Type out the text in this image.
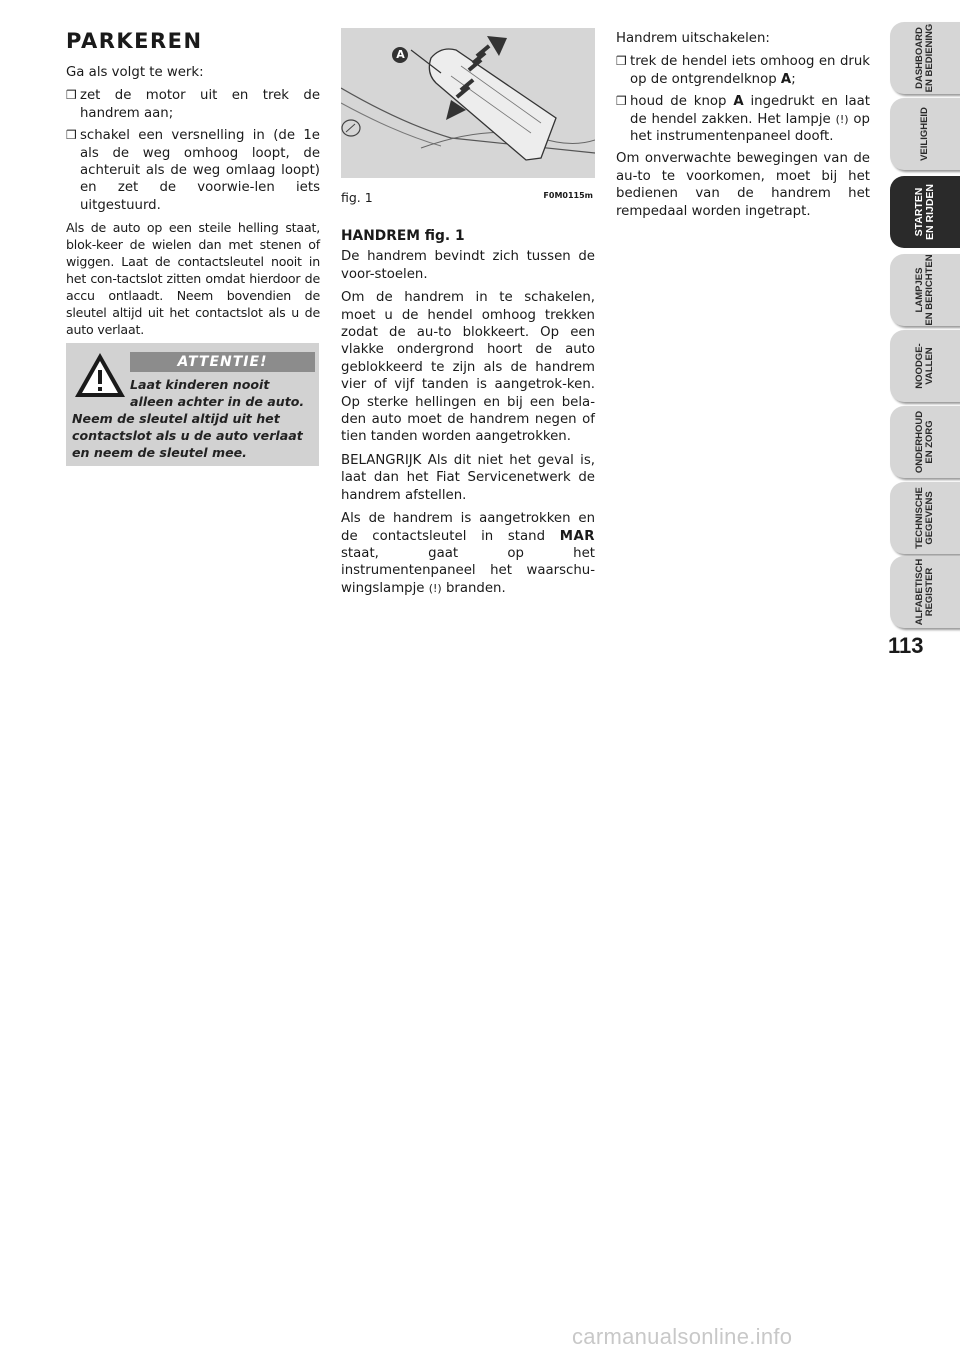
PARKEREN

Ga als volgt te werk:

❒ zet de motor uit en trek de handrem aan;
❒ schakel een versnelling in (de 1e als de weg omhoog loopt, de achteruit als de weg omlaag loopt) en zet de voorwie-len iets uitgestuurd.

Als de auto op een steile helling staat, blok-keer de wielen dan met stenen of wiggen. Laat de contactsleutel nooit in het con-tactslot zitten omdat hierdoor de accu ontlaadt. Neem bovendien de sleutel altijd uit het contactslot als u de auto verlaat.

ATTENTIE!
Laat kinderen nooit alleen achter in de auto. Neem de sleutel altijd uit het contactslot als u de auto verlaat en neem de sleutel mee.
A
fig. 1	F0M0115m
HANDREM fig. 1

De handrem bevindt zich tussen de voor-stoelen.

Om de handrem in te schakelen, moet u de hendel omhoog trekken zodat de au-to blokkeert. Op een vlakke ondergrond hoort de auto geblokkeerd te zijn als de handrem vier of vijf tanden is aangetrok-ken. Op sterke hellingen en bij een bela-den auto moet de handrem negen of tien tanden worden aangetrokken.

BELANGRIJK Als dit niet het geval is, laat dan het Fiat Servicenetwerk de handrem afstellen.

Als de handrem is aangetrokken en de contactsleutel in stand MAR staat, gaat op het instrumentenpaneel het waarschu-wingslampje (!) branden.

Handrem uitschakelen:

❒ trek de hendel iets omhoog en druk op de ontgrendelknop A;
❒ houd de knop A ingedrukt en laat de hendel zakken. Het lampje (!) op het instrumentenpaneel dooft.

Om onverwachte bewegingen van de au-to te voorkomen, moet bij het bedienen van de handrem het rempedaal worden ingetrapt.

DASHBOARD
EN BEDIENING
VEILIGHEID

STARTEN
EN RIJDEN
LAMPJES
EN BERICHTEN
NOODGE-
VALLEN
ONDERHOUD
EN ZORG
TECHNISCHE
GEGEVENS
ALFABETISCH
REGISTER
113
carmanualsonline.info
